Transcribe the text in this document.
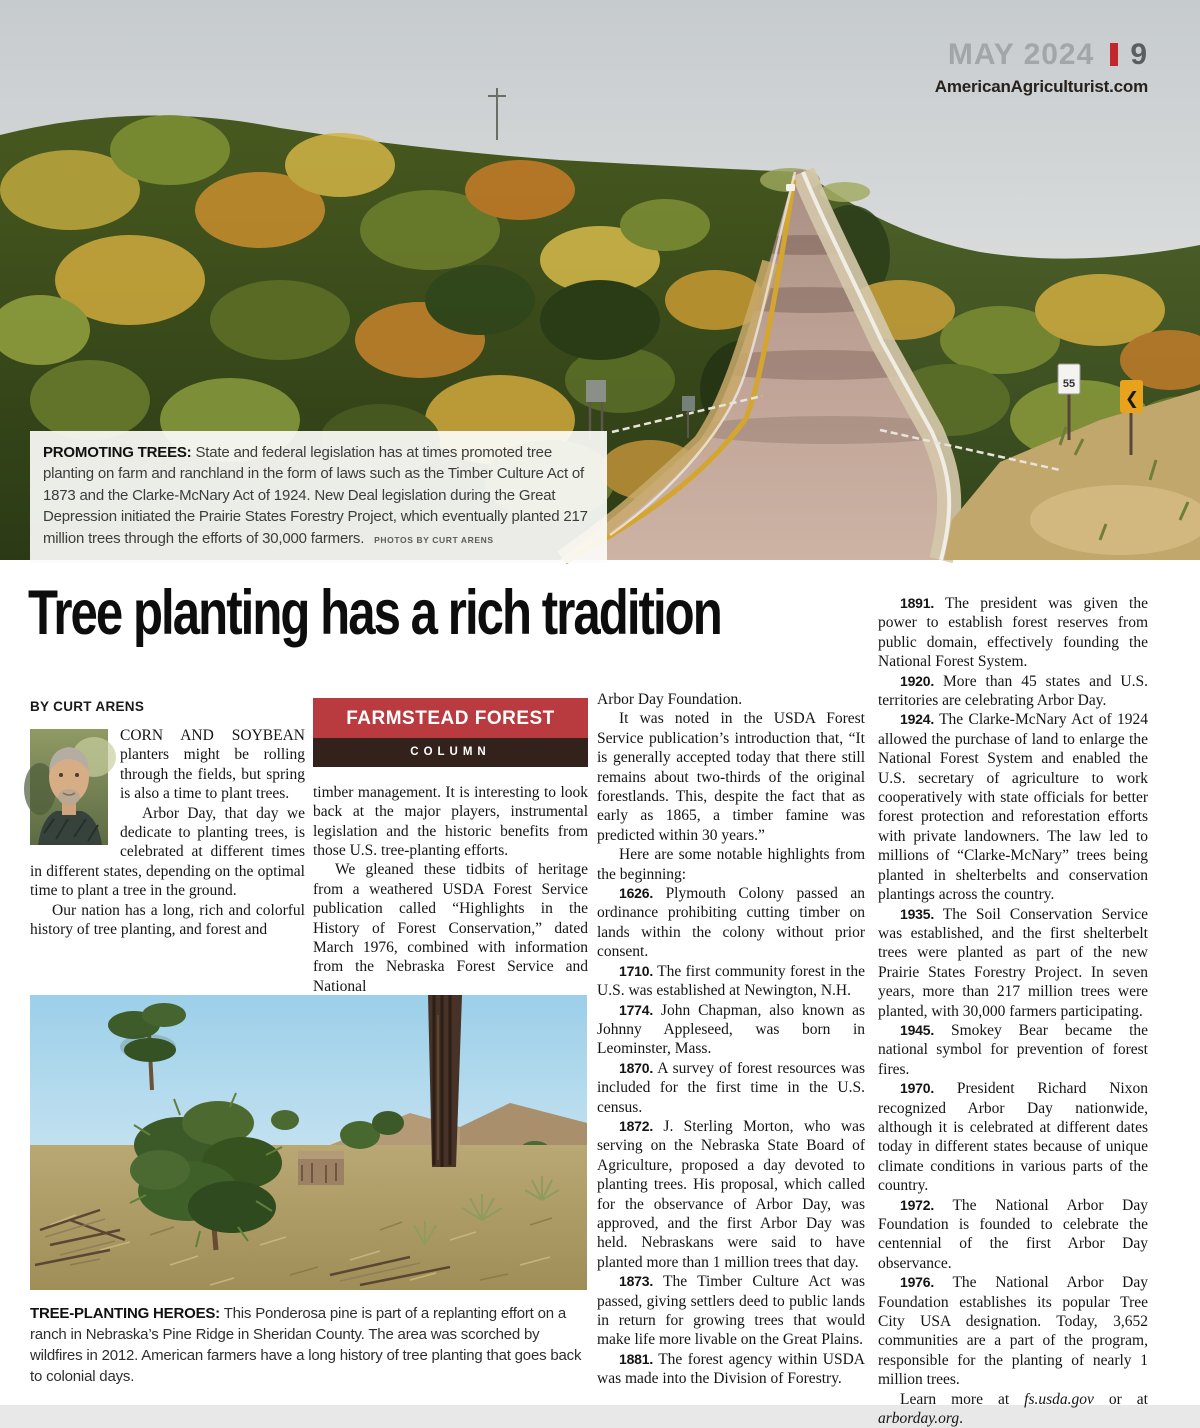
55
❮
MAY 2024 9
AmericanAgriculturist.com
PROMOTING TREES: State and federal legislation has at times promoted tree planting on farm and ranchland in the form of laws such as the Timber Culture Act of 1873 and the Clarke-McNary Act of 1924. New Deal legislation during the Great Depression initiated the Prairie States Forestry Project, which eventually planted 217 million trees through the efforts of 30,000 farmers. PHOTOS BY CURT ARENS
Tree planting has a rich tradition
BY CURT ARENS

CORN AND SOYBEAN planters might be rolling through the fields, but spring is also a time to plant trees.

Arbor Day, that day we dedicate to planting trees, is celebrated at different times in different states, depending on the optimal time to plant a tree in the ground.

Our nation has a long, rich and colorful history of tree planting, and forest and

FARMSTEAD FOREST
COLUMN

timber management. It is interesting to look back at the major players, instrumental legislation and the historic benefits from those U.S. tree-planting efforts.

We gleaned these tidbits of heritage from a weathered USDA Forest Service publication called “Highlights in the History of Forest Conservation,” dated March 1976, combined with information from the Nebraska Forest Service and National

Arbor Day Foundation.

It was noted in the USDA Forest Service publication’s introduction that, “It is generally accepted today that there still remains about two-thirds of the original forestlands. This, despite the fact that as early as 1865, a timber famine was predicted within 30 years.”

Here are some notable highlights from the beginning:

1626. Plymouth Colony passed an ordinance prohibiting cutting timber on lands within the colony without prior consent.

1710. The first community forest in the U.S. was established at Newington, N.H.

1774. John Chapman, also known as Johnny Appleseed, was born in Leominster, Mass.

1870. A survey of forest resources was included for the first time in the U.S. census.

1872. J. Sterling Morton, who was serving on the Nebraska State Board of Agriculture, proposed a day devoted to planting trees. His proposal, which called for the observance of Arbor Day, was approved, and the first Arbor Day was held. Nebraskans were said to have planted more than 1 million trees that day.

1873. The Timber Culture Act was passed, giving settlers deed to public lands in return for growing trees that would make life more livable on the Great Plains.

1881. The forest agency within USDA was made into the Division of Forestry.

1891. The president was given the power to establish forest reserves from public domain, effectively founding the National Forest System.

1920. More than 45 states and U.S. territories are celebrating Arbor Day.

1924. The Clarke-McNary Act of 1924 allowed the purchase of land to enlarge the National Forest System and enabled the U.S. secretary of agriculture to work cooperatively with state officials for better forest protection and reforestation efforts with private landowners. The law led to millions of “Clarke-McNary” trees being planted in shelterbelts and conservation plantings across the country.

1935. The Soil Conservation Service was established, and the first shelterbelt trees were planted as part of the new Prairie States Forestry Project. In seven years, more than 217 million trees were planted, with 30,000 farmers participating.

1945. Smokey Bear became the national symbol for prevention of forest fires.

1970. President Richard Nixon recognized Arbor Day nationwide, although it is celebrated at different dates today in different states because of unique climate conditions in various parts of the country.

1972. The National Arbor Day Foundation is founded to celebrate the centennial of the first Arbor Day observance.

1976. The National Arbor Day Foundation establishes its popular Tree City USA designation. Today, 3,652 communities are a part of the program, responsible for the planting of nearly 1 million trees.

Learn more at fs.usda.gov or at arborday.org.

TREE-PLANTING HEROES: This Ponderosa pine is part of a replanting effort on a ranch in Nebraska’s Pine Ridge in Sheridan County. The area was scorched by wildfires in 2012. American farmers have a long history of tree planting that goes back to colonial days.
